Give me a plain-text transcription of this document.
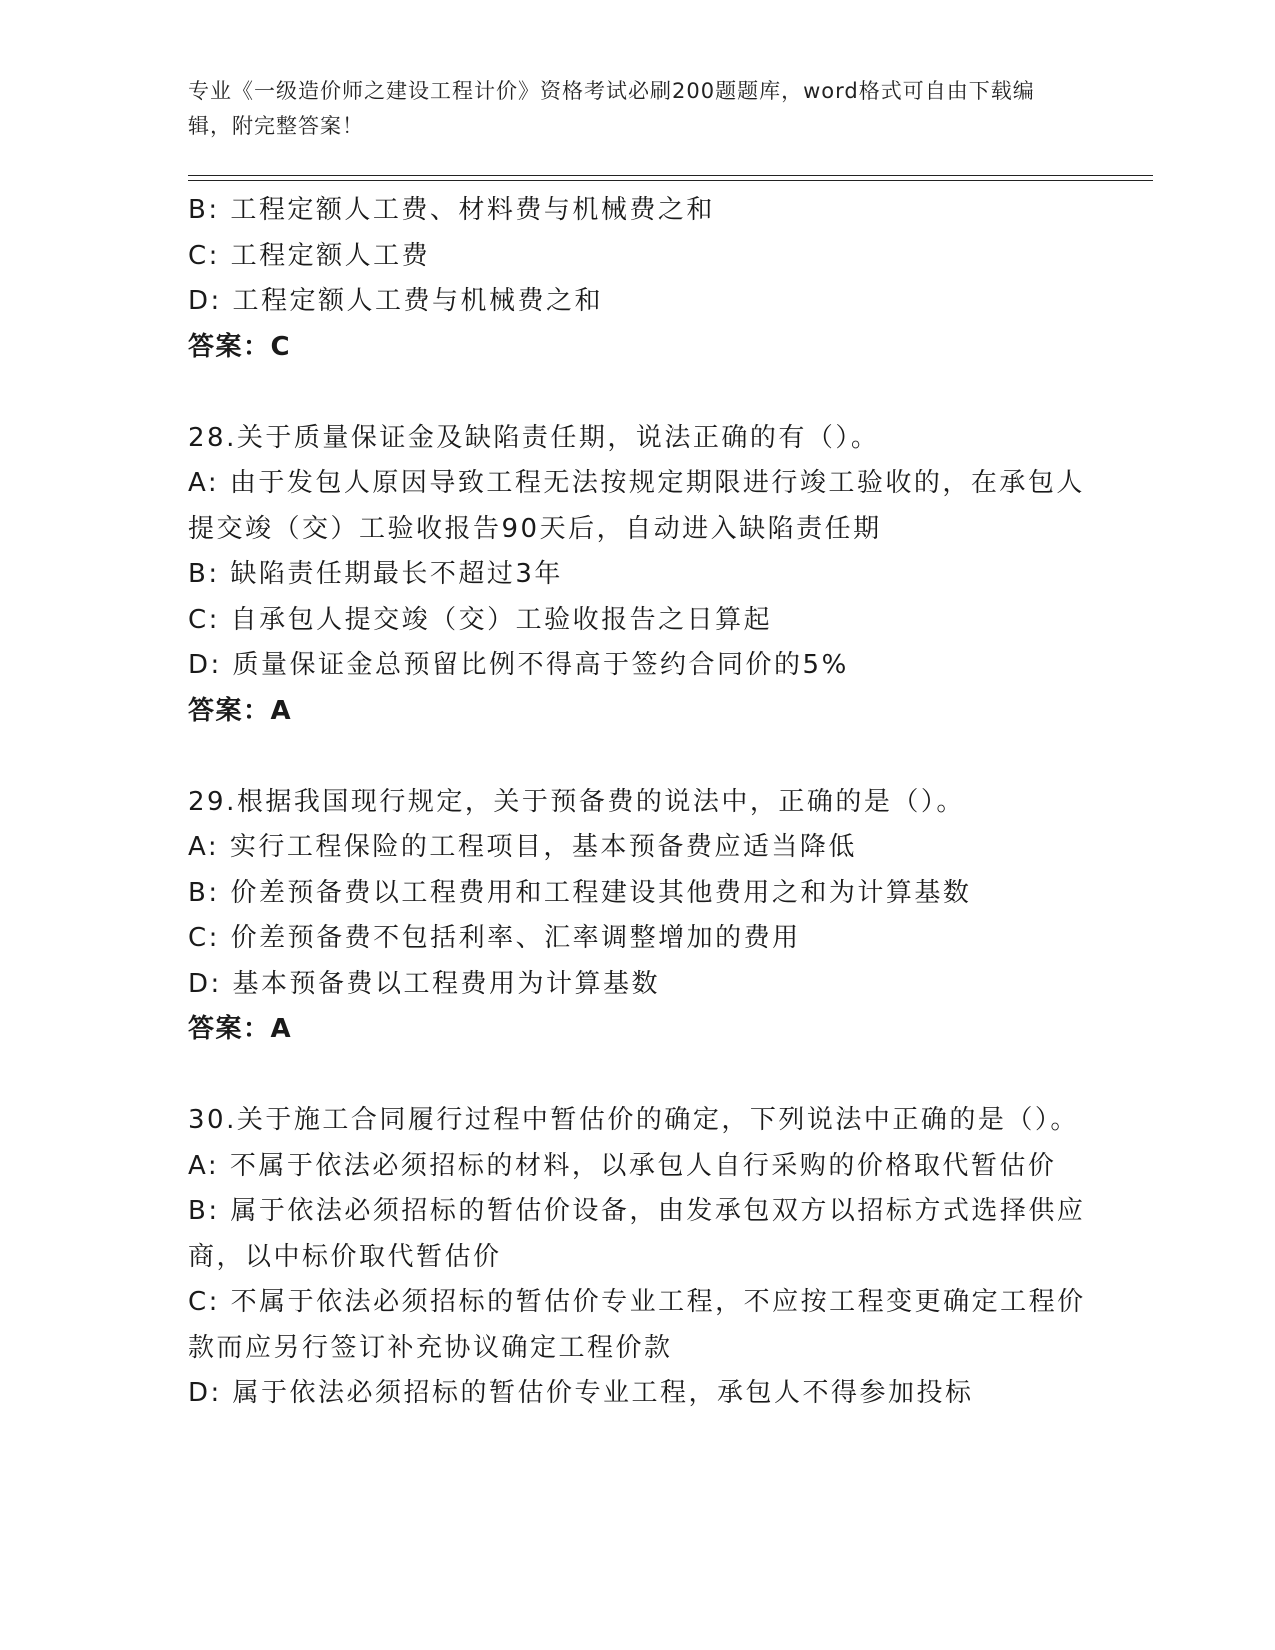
专业《一级造价师之建设工程计价》资格考试必刷200题题库，word格式可自由下载编辑，附完整答案！
B: 工程定额人工费、材料费与机械费之和
C: 工程定额人工费
D: 工程定额人工费与机械费之和
答案：C
28.关于质量保证金及缺陷责任期，说法正确的有（）。
A: 由于发包人原因导致工程无法按规定期限进行竣工验收的，在承包人提交竣（交）工验收报告90天后，自动进入缺陷责任期
B: 缺陷责任期最长不超过3年
C: 自承包人提交竣（交）工验收报告之日算起
D: 质量保证金总预留比例不得高于签约合同价的5%
答案：A
29.根据我国现行规定，关于预备费的说法中，正确的是（）。
A: 实行工程保险的工程项目，基本预备费应适当降低
B: 价差预备费以工程费用和工程建设其他费用之和为计算基数
C: 价差预备费不包括利率、汇率调整增加的费用
D: 基本预备费以工程费用为计算基数
答案：A
30.关于施工合同履行过程中暂估价的确定，下列说法中正确的是（）。
A: 不属于依法必须招标的材料，以承包人自行采购的价格取代暂估价
B: 属于依法必须招标的暂估价设备，由发承包双方以招标方式选择供应商，以中标价取代暂估价
C: 不属于依法必须招标的暂估价专业工程，不应按工程变更确定工程价款而应另行签订补充协议确定工程价款
D: 属于依法必须招标的暂估价专业工程，承包人不得参加投标
